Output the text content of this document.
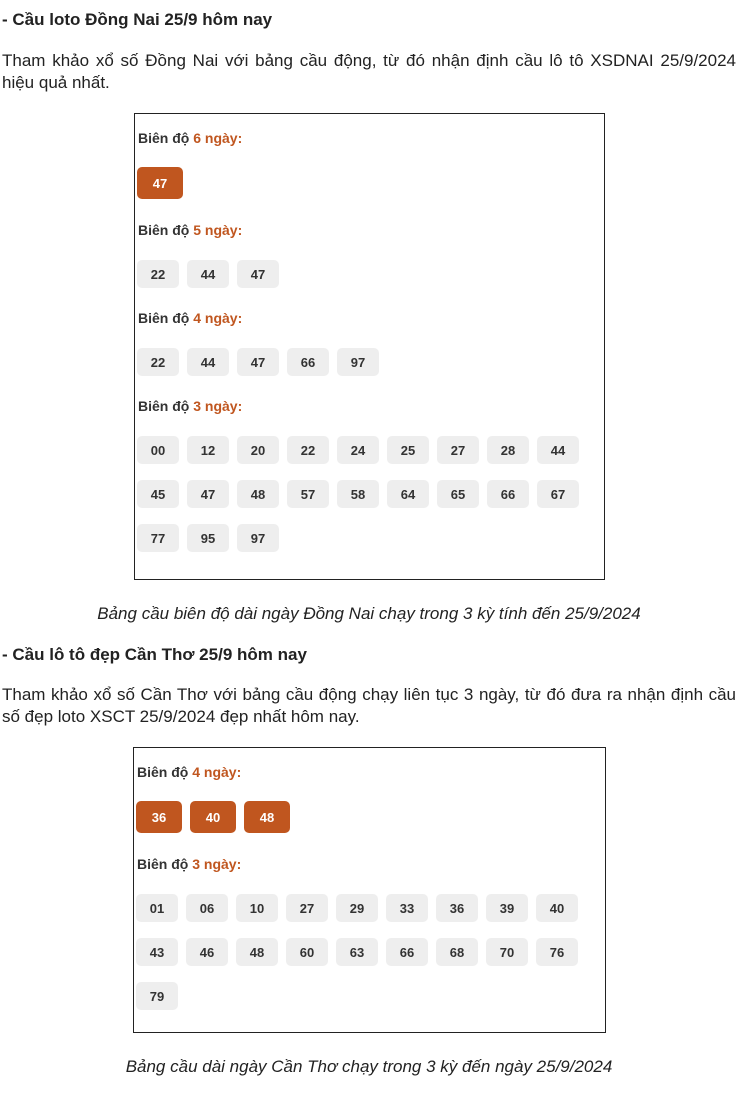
- Cầu loto Đồng Nai 25/9 hôm nay
Tham khảo xổ số Đồng Nai với bảng cầu động, từ đó nhận định cầu lô tô XSDNAI 25/9/2024 hiệu quả nhất.
Biên độ 6 ngày:
47
Biên độ 5 ngày:
22	44	47
Biên độ 4 ngày:
22	44	47	66	97
Biên độ 3 ngày:
00	12	20	22	24	25	27	28	44
45	47	48	57	58	64	65	66	67
77	95	97
Bảng cầu biên độ dài ngày Đồng Nai chạy trong 3 kỳ tính đến 25/9/2024
- Cầu lô tô đẹp Cần Thơ 25/9 hôm nay
Tham khảo xổ số Cần Thơ với bảng cầu động chạy liên tục 3 ngày, từ đó đưa ra nhận định cầu số đẹp loto XSCT 25/9/2024 đẹp nhất hôm nay.
Biên độ 4 ngày:
36	40	48
Biên độ 3 ngày:
01	06	10	27	29	33	36	39	40
43	46	48	60	63	66	68	70	76
79
Bảng cầu dài ngày Cần Thơ chạy trong 3 kỳ đến ngày 25/9/2024
